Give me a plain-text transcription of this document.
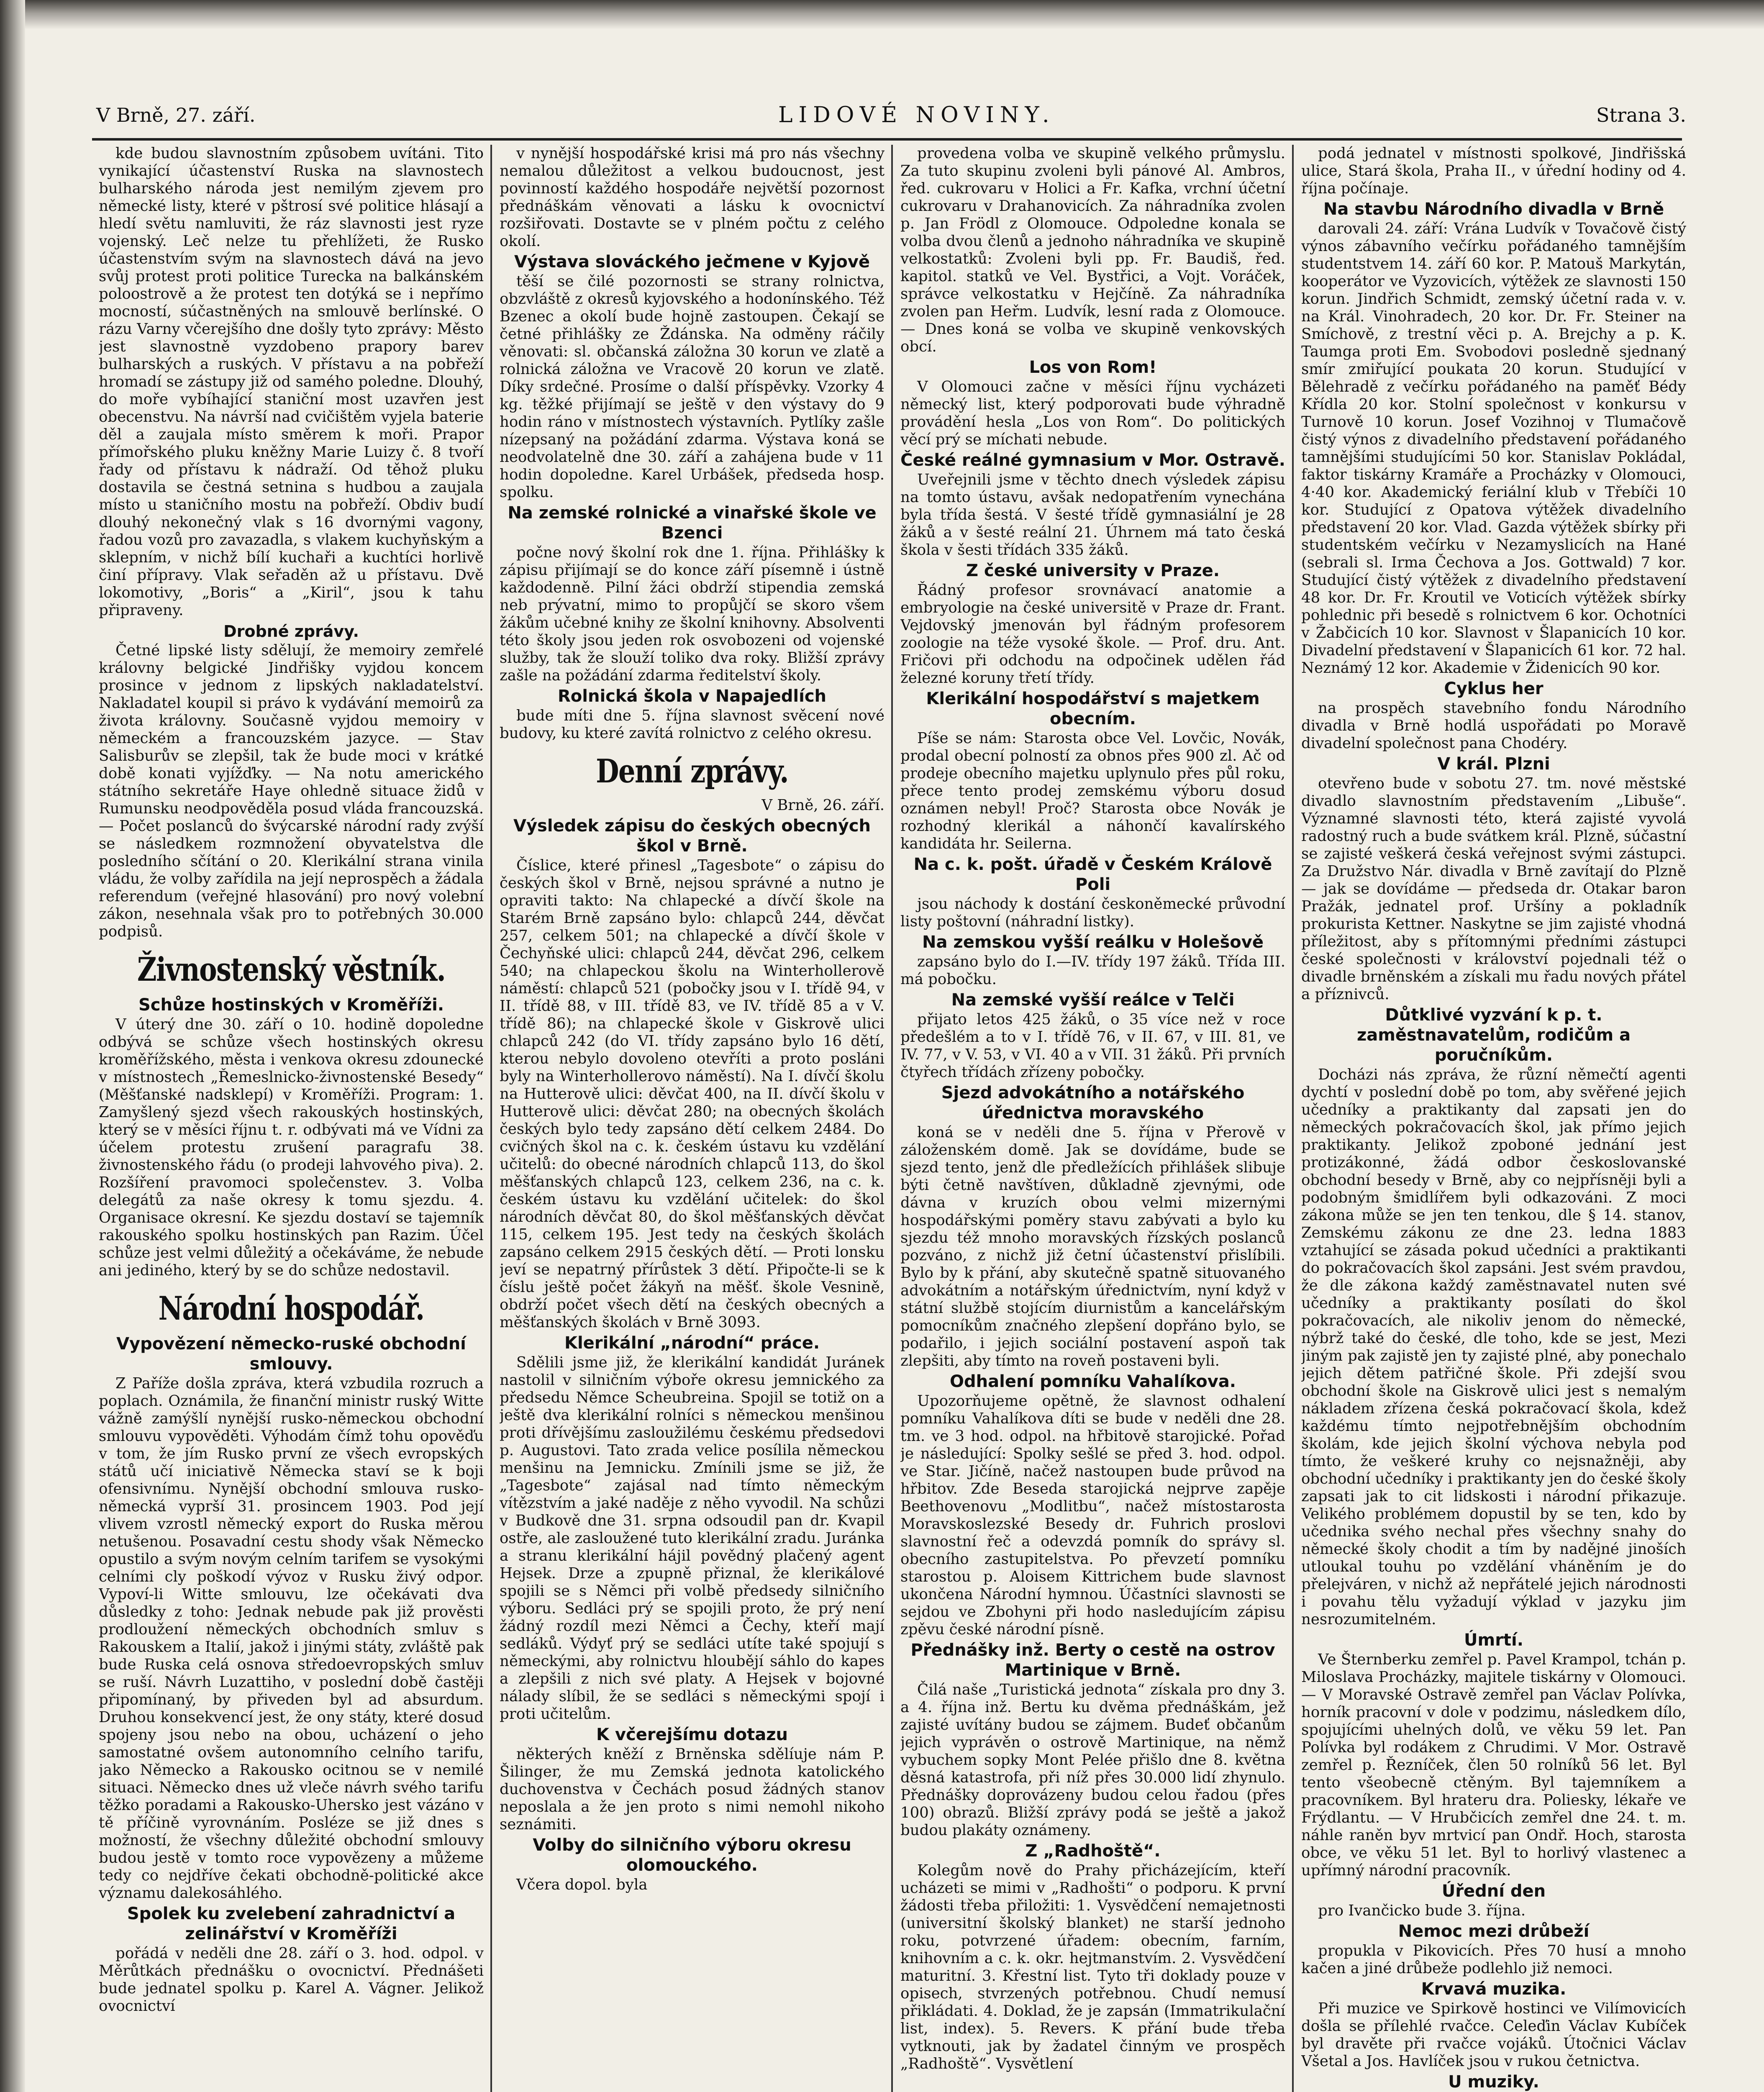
V Brně, 27. září.	LIDOVÉ NOVINY.	Strana 3.

kde budou slavnostním způsobem uvítáni. Tito vynikající účastenství Ruska na slavnostech bulharského národa jest nemilým zjevem pro německé listy, které v pštrosí své politice hlásají a hledí světu namluviti, že ráz slavnosti jest ryze vojenský. Leč nelze tu přehlížeti, že Rusko účastenstvím svým na slavnostech dává na jevo svůj protest proti politice Turecka na balkánském poloostrově a že protest ten dotýká se i nepřímo mocností, súčastněných na smlouvě berlínské. O rázu Varny včerejšího dne došly tyto zprávy: Město jest slavnostně vyzdobeno prapory barev bulharských a ruských. V přístavu a na pobřeží hromadí se zástupy již od samého poledne. Dlouhý, do moře vybíhající staniční most uzavřen jest obecenstvu. Na návrší nad cvičištěm vyjela baterie děl a zaujala místo směrem k moři. Prapor přímořského pluku kněžny Marie Luizy č. 8 tvoří řady od přístavu k nádraží. Od těhož pluku dostavila se čestná setnina s hudbou a zaujala místo u staničního mostu na pobřeží. Obdiv budí dlouhý nekonečný vlak s 16 dvornými vagony, řadou vozů pro zavazadla, s vlakem kuchyňským a sklepním, v nichž bílí kuchaři a kuchtíci horlivě činí přípravy. Vlak seřaděn až u přístavu. Dvě lokomotivy, „Boris“ a „Kiril“, jsou k tahu připraveny.

Drobné zprávy.

Četné lipské listy sdělují, že memoiry zemřelé královny belgické Jindřišky vyjdou koncem prosince v jednom z lipských nakladatelství. Nakladatel koupil si právo k vydávání memoirů za života královny. Současně vyjdou memoiry v německém a francouzském jazyce. — Stav Salisburův se zlepšil, tak že bude moci v krátké době konati vyjížďky. — Na notu amerického státního sekretáře Haye ohledně situace židů v Rumunsku neodpověděla posud vláda francouzská. — Počet poslanců do švýcarské národní rady zvýší se následkem rozmnožení obyvatelstva dle posledního sčítání o 20. Klerikální strana vinila vládu, že volby zařídila na její neprospěch a žádala referendum (veřejné hlasování) pro nový volební zákon, nesehnala však pro to potřebných 30.000 podpisů.

Živnostenský věstník.

Schůze hostinských v Kroměříži.

V úterý dne 30. září o 10. hodině dopoledne odbývá se schůze všech hostinských okresu kroměřížského, města i venkova okresu zdounecké v místnostech „Řemeslnicko-živnostenské Besedy“ (Měšťanské nadsklepí) v Kroměříži. Program: 1. Zamyšlený sjezd všech rakouských hostinských, který se v měsíci říjnu t. r. odbývati má ve Vídni za účelem protestu zrušení paragrafu 38. živnostenského řádu (o prodeji lahvového piva). 2. Rozšíření pravomoci společenstev. 3. Volba delegátů za naše okresy k tomu sjezdu. 4. Organisace okresní. Ke sjezdu dostaví se tajemník rakouského spolku hostinských pan Razim. Účel schůze jest velmi důležitý a očekáváme, že nebude ani jediného, který by se do schůze nedostavil.

Národní hospodář.

Vypovězení německo-ruské obchodní smlouvy.

Z Paříže došla zpráva, která vzbudila rozruch a poplach. Oznámila, že finanční ministr ruský Witte vážně zamýšlí nynější rusko-německou obchodní smlouvu vypověděti. Výhodám čímž tohu opověďu v tom, že jím Rusko první ze všech evropských států učí iniciativě Německa staví se k boji ofensivnímu. Nynější obchodní smlouva rusko-německá vyprší 31. prosincem 1903. Pod její vlivem vzrostl německý export do Ruska měrou netušenou. Posavadní cestu shody však Německo opustilo a svým novým celním tarifem se vysokými celními cly poškodí vývoz v Rusku živý odpor. Vypoví-li Witte smlouvu, lze očekávati dva důsledky z toho: Jednak nebude pak již prověsti prodloužení německých obchodních smluv s Rakouskem a Italií, jakož i jinými státy, zvláště pak bude Ruska celá osnova středoevropských smluv se ruší. Návrh Luzattiho, v poslední době častěji připomínaný, by přiveden byl ad absurdum. Druhou konsekvencí jest, že ony státy, které dosud spojeny jsou nebo na obou, ucházení o jeho samostatné ovšem autonomního celního tarifu, jako Německo a Rakousko ocitnou se v nemilé situaci. Německo dnes už vleče návrh svého tarifu těžko poradami a Rakousko-Uhersko jest vázáno v tě příčině vyrovnáním. Posléze se již dnes s možností, že všechny důležité obchodní smlouvy budou jestě v tomto roce vypovězeny a můžeme tedy co nejdříve čekati obchodně-politické akce významu dalekosáhlého.

Spolek ku zvelebení zahradnictví a zelinářství v Kroměříži

pořádá v neděli dne 28. září o 3. hod. odpol. v Měrůtkách přednášku o ovocnictví. Přednášeti bude jednatel spolku p. Karel A. Vágner. Jelikož ovocnictví

v nynější hospodářské krisi má pro nás všechny nemalou důležitost a velkou budoucnost, jest povinností každého hospodáře největší pozornost přednáškám věnovati a lásku k ovocnictví rozšiřovati. Dostavte se v plném počtu z celého okolí.

Výstava slováckého ječmene v Kyjově

těší se čilé pozornosti se strany rolnictva, obzvláště z okresů kyjovského a hodonínského. Též Bzenec a okolí bude hojně zastoupen. Čekají se četné přihlášky ze Ždánska. Na odměny ráčily věnovati: sl. občanská záložna 30 korun ve zlatě a rolnická záložna ve Vracově 20 korun ve zlatě. Díky srdečné. Prosíme o další příspěvky. Vzorky 4 kg. těžké přijímají se ještě v den výstavy do 9 hodin ráno v místnostech výstavních. Pytlíky zašle nízepsaný na požádání zdarma. Výstava koná se neodvolatelně dne 30. září a zahájena bude v 11 hodin dopoledne. Karel Urbášek, předseda hosp. spolku.

Na zemské rolnické a vinařské škole ve Bzenci

počne nový školní rok dne 1. října. Přihlášky k zápisu přijímají se do konce září písemně i ústně každodenně. Pilní žáci obdrží stipendia zemská neb prývatní, mimo to propůjčí se skoro všem žákům učebné knihy ze školní knihovny. Absolventi této školy jsou jeden rok osvobozeni od vojenské služby, tak že slouží toliko dva roky. Bližší zprávy zašle na požádání zdarma ředitelství školy.

Rolnická škola v Napajedlích

bude míti dne 5. října slavnost svěcení nové budovy, ku které zavítá rolnictvo z celého okresu.

Denní zprávy.

V Brně, 26. září.

Výsledek zápisu do českých obecných škol v Brně.

Číslice, které přinesl „Tagesbote“ o zápisu do českých škol v Brně, nejsou správné a nutno je opraviti takto: Na chlapecké a dívčí škole na Starém Brně zapsáno bylo: chlapců 244, děvčat 257, celkem 501; na chlapecké a dívčí škole v Čechyňské ulici: chlapců 244, děvčat 296, celkem 540; na chlapeckou školu na Winterhollerově náměstí: chlapců 521 (pobočky jsou v I. třídě 94, v II. třídě 88, v III. třídě 83, ve IV. třídě 85 a v V. třídě 86); na chlapecké škole v Giskrově ulici chlapců 242 (do VI. třídy zapsáno bylo 16 dětí, kterou nebylo dovoleno otevříti a proto posláni byly na Winterhollerovo náměstí). Na I. dívčí školu na Hutterově ulici: děvčat 400, na II. dívčí školu v Hutterově ulici: děvčat 280; na obecných školách českých bylo tedy zapsáno dětí celkem 2484. Do cvičných škol na c. k. českém ústavu ku vzdělání učitelů: do obecné národních chlapců 113, do škol měšťanských chlapců 123, celkem 236, na c. k. českém ústavu ku vzdělání učitelek: do škol národních děvčat 80, do škol měšťanských děvčat 115, celkem 195. Jest tedy na českých školách zapsáno celkem 2915 českých dětí. — Proti lonsku jeví se nepatrný přírůstek 3 dětí. Připočte-li se k číslu ještě počet žákyň na měšť. škole Vesnině, obdrží počet všech dětí na českých obecných a měšťanských školách v Brně 3093.

Klerikální „národní“ práce.

Sdělili jsme již, že klerikální kandidát Juránek nastolil v silničním výboře okresu jemnického za předsedu Němce Scheubreina. Spojil se totiž on a ještě dva klerikální rolníci s německou menšinou proti dřívějšímu zasloužilému českému předsedovi p. Augustovi. Tato zrada velice posílila německou menšinu na Jemnicku. Zmínili jsme se již, že „Tagesbote“ zajásal nad tímto německým vítězstvím a jaké naděje z něho vyvodil. Na schůzi v Budkově dne 31. srpna odsoudil pan dr. Kvapil ostře, ale zasloužené tuto klerikální zradu. Juránka a stranu klerikální hájil povědný plačený agent Hejsek. Drze a zpupně přiznal, že klerikálové spojili se s Němci při volbě předsedy silničního výboru. Sedláci prý se spojili proto, že prý není žádný rozdíl mezi Němci a Čechy, kteří mají sedláků. Výdyť prý se sedláci utíte také spojují s německými, aby rolnictvu hloubějí sáhlo do kapes a zlepšili z nich své platy. A Hejsek v bojovné nálady slíbil, že se sedláci s německými spojí i proti učitelům.

K včerejšímu dotazu

některých kněží z Brněnska sdělíuje nám P. Šilinger, že mu Zemská jednota katolického duchovenstva v Čechách posud žádných stanov neposlala a že jen proto s nimi nemohl nikoho seznámiti.

Volby do silničního výboru okresu olomouckého.

Včera dopol. byla

provedena volba ve skupině velkého průmyslu. Za tuto skupinu zvoleni byli pánové Al. Ambros, řed. cukrovaru v Holici a Fr. Kafka, vrchní účetní cukrovaru v Drahanovicích. Za náhradníka zvolen p. Jan Frödl z Olomouce. Odpoledne konala se volba dvou členů a jednoho náhradníka ve skupině velkostatků: Zvoleni byli pp. Fr. Baudiš, řed. kapitol. statků ve Vel. Bystřici, a Vojt. Voráček, správce velkostatku v Hejčíně. Za náhradníka zvolen pan Heřm. Ludvík, lesní rada z Olomouce. — Dnes koná se volba ve skupině venkovských obcí.

Los von Rom!

V Olomouci začne v měsíci říjnu vycházeti německý list, který podporovati bude výhradně provádění hesla „Los von Rom“. Do politických věcí prý se míchati nebude.

České reálné gymnasium v Mor. Ostravě.

Uveřejnili jsme v těchto dnech výsledek zápisu na tomto ústavu, avšak nedopatřením vynechána byla třída šestá. V šesté třídě gymnasiální je 28 žáků a v šesté reální 21. Úhrnem má tato česká škola v šesti třídách 335 žáků.

Z české university v Praze.

Řádný profesor srovnávací anatomie a embryologie na české universitě v Praze dr. Frant. Vejdovský jmenován byl řádným profesorem zoologie na téže vysoké škole. — Prof. dru. Ant. Fričovi při odchodu na odpočinek udělen řád železné koruny třetí třídy.

Klerikální hospodářství s majetkem obecním.

Píše se nám: Starosta obce Vel. Lovčic, Novák, prodal obecní polností za obnos přes 900 zl. Ač od prodeje obecního majetku uplynulo přes půl roku, přece tento prodej zemskému výboru dosud oznámen nebyl! Proč? Starosta obce Novák je rozhodný klerikál a náhončí kavalírského kandidáta hr. Seilerna.

Na c. k. pošt. úřadě v Českém Králově Poli

jsou náchody k dostání českoněmecké průvodní listy poštovní (náhradní listky).

Na zemskou vyšší reálku v Holešově

zapsáno bylo do I.—IV. třídy 197 žáků. Třída III. má pobočku.

Na zemské vyšší reálce v Telči

přijato letos 425 žáků, o 35 více než v roce předešlém a to v I. třídě 76, v II. 67, v III. 81, ve IV. 77, v V. 53, v VI. 40 a v VII. 31 žáků. Při prvních čtyřech třídách zřízeny pobočky.

Sjezd advokátního a notářského úřednictva moravského

koná se v neděli dne 5. října v Přerově v záloženském domě. Jak se dovídáme, bude se sjezd tento, jenž dle předležících přihlášek slibuje býti četně navštíven, důkladně zjevnými, ode dávna v kruzích obou velmi mizernými hospodářskými poměry stavu zabývati a bylo ku sjezdu též mnoho moravských řízských poslanců pozváno, z nichž již četní účastenství přislíbili. Bylo by k přání, aby skutečně spatně situovaného advokátním a notářským úřednictvím, nyní když v státní službě stojícím diurnistům a kancelářským pomocníkům značného zlepšení dopřáno bylo, se podařilo, i jejich sociální postavení aspoň tak zlepšiti, aby tímto na roveň postaveni byli.

Odhalení pomníku Vahalíkova.

Upozorňujeme opětně, že slavnost odhalení pomníku Vahalíkova díti se bude v neděli dne 28. tm. ve 3 hod. odpol. na hřbitově starojické. Pořad je následující: Spolky sešlé se před 3. hod. odpol. ve Star. Jičíně, načež nastoupen bude průvod na hřbitov. Zde Beseda starojická nejprve zapěje Beethovenovu „Modlitbu“, načež místostarosta Moravskoslezské Besedy dr. Fuhrich proslovi slavnostní řeč a odevzdá pomník do správy sl. obecního zastupitelstva. Po převzetí pomníku starostou p. Aloisem Kittrichem bude slavnost ukončena Národní hymnou. Účastníci slavnosti se sejdou ve Zbohyni při hodo nasledujícím zápisu zpěvu české národní písně.

Přednášky inž. Berty o cestě na ostrov Martinique v Brně.

Čilá naše „Turistická jednota“ získala pro dny 3. a 4. října inž. Bertu ku dvěma přednáškám, jež zajisté uvítány budou se zájmem. Budeť občanům jejich vyprávěn o ostrově Martinique, na němž vybuchem sopky Mont Pelée přišlo dne 8. května děsná katastrofa, při níž přes 30.000 lidí zhynulo. Přednášky doprovázeny budou celou řadou (přes 100) obrazů. Bližší zprávy podá se ještě a jakož budou plakáty oznámeny.

Z „Radhoště“.

Kolegům nově do Prahy přicházejícím, kteří ucházeti se mimi v „Radhošti“ o podporu. K první žádosti třeba přiložiti: 1. Vysvědčení nemajetnosti (universitní školský blanket) ne starší jednoho roku, potvrzené úřadem: obecním, farním, knihovním a c. k. okr. hejtmanstvím. 2. Vysvědčení maturitní. 3. Křestní list. Tyto tři doklady pouze v opisech, stvrzených potřebnou. Chudí nemusí přikládati. 4. Doklad, že je zapsán (Immatrikulační list, index). 5. Revers. K přání bude třeba vytknouti, jak by žadatel činným ve prospěch „Radhoště“. Vysvětlení

podá jednatel v místnosti spolkové, Jindřišská ulice, Stará škola, Praha II., v úřední hodiny od 4. října počínaje.

Na stavbu Národního divadla v Brně

darovali 24. září: Vrána Ludvík v Tovačově čistý výnos zábavního večírku pořádaného tamnějším studentstvem 14. září 60 kor. P. Matouš Markytán, kooperátor ve Vyzovicích, výtěžek ze slavnosti 150 korun. Jindřich Schmidt, zemský účetní rada v. v. na Král. Vinohradech, 20 kor. Dr. Fr. Steiner na Smíchově, z trestní věci p. A. Brejchy a p. K. Taumga proti Em. Svobodovi posledně sjednaný smír zmiřující poukata 20 korun. Studující v Bělehradě z večírku pořádaného na paměť Bédy Křídla 20 kor. Stolní společnost v konkursu v Turnově 10 korun. Josef Vozihnoj v Tlumačově čistý výnos z divadelního představení pořádaného tamnějšími studujícími 50 kor. Stanislav Pokládal, faktor tiskárny Kramáře a Procházky v Olomouci, 4·40 kor. Akademický feriální klub v Třebíči 10 kor. Studující z Opatova výtěžek divadelního představení 20 kor. Vlad. Gazda výtěžek sbírky při studentském večírku v Nezamyslicích na Hané (sebrali sl. Irma Čechova a Jos. Gottwald) 7 kor. Studující čistý výtěžek z divadelního představení 48 kor. Dr. Fr. Kroutil ve Voticích výtěžek sbírky pohlednic při besedě s rolnictvem 6 kor. Ochotníci v Žabčicích 10 kor. Slavnost v Šlapanicích 10 kor. Divadelní představení v Šlapanicích 61 kor. 72 hal. Neznámý 12 kor. Akademie v Židenicích 90 kor.

Cyklus her

na prospěch stavebního fondu Národního divadla v Brně hodlá uspořádati po Moravě divadelní společnost pana Chodéry.

V král. Plzni

otevřeno bude v sobotu 27. tm. nové městské divadlo slavnostním představením „Libuše“. Významné slavnosti této, která zajisté vyvolá radostný ruch a bude svátkem král. Plzně, súčastní se zajisté veškerá česká veřejnost svými zástupci. Za Družstvo Nár. divadla v Brně zavítají do Plzně — jak se dovídáme — předseda dr. Otakar baron Pražák, jednatel prof. Uršíny a pokladník prokurista Kettner. Naskytne se jim zajisté vhodná příležitost, aby s přítomnými předními zástupci české společnosti v království pojednali též o divadle brněnském a získali mu řadu nových přátel a příznivců.

Důtklivé vyzvání k p. t. zaměstnavatelům, rodičům a poručníkům.

Docházi nás zpráva, že různí němečtí agenti dychtí v poslední době po tom, aby svěřené jejich učedníky a praktikanty dal zapsati jen do německých pokračovacích škol, jak přímo jejich praktikanty. Jelikož zpoboné jednání jest protizákonné, žádá odbor českoslovanské obchodní besedy v Brně, aby co nejpřísněji byli a podobným šmidlířem byli odkazováni. Z moci zákona může se jen ten tenkou, dle § 14. stanov, Zemskému zákonu ze dne 23. ledna 1883 vztahující se zásada pokud učedníci a praktikanti do pokračovacích škol zapsáni. Jest svém pravdou, že dle zákona každý zaměstnavatel nuten své učedníky a praktikanty posílati do škol pokračovacích, ale nikoliv jenom do německé, nýbrž také do české, dle toho, kde se jest, Mezi jiným pak zajistě jen ty zajisté plné, aby ponechalo jejich dětem patřičné škole. Při zdejší svou obchodní škole na Giskrově ulici jest s nemalým nákladem zřízena česká pokračovací škola, kdež každému tímto nejpotřebnějším obchodním školám, kde jejich školní výchova nebyla pod tímto, že veškeré kruhy co nejsnažněji, aby obchodní učedníky i praktikanty jen do české školy zapsati jak to cit lidskosti i národní přikazuje. Velikého problémem dopustil by se ten, kdo by učednika svého nechal přes všechny snahy do německé školy chodit a tím by nadějné jinoších utloukal touhu po vzdělání vháněním je do přelejváren, v nichž až nepřátelé jejich národnosti i povahu tělu vyžadují výklad v jazyku jim nesrozumitelném.

Úmrtí.

Ve Šternberku zemřel p. Pavel Krampol, tchán p. Miloslava Procházky, majitele tiskárny v Olomouci. — V Moravské Ostravě zemřel pan Václav Polívka, horník pracovní v dole v podzimu, následkem dílo, spojujícími uhelných dolů, ve věku 59 let. Pan Polívka byl rodákem z Chrudimi. V Mor. Ostravě zemřel p. Řezníček, člen 50 rolníků 56 let. Byl tento všeobecně ctěným. Byl tajemníkem a pracovníkem. Byl hrateru dra. Poliesky, lékaře ve Frýdlantu. — V Hrubčicích zemřel dne 24. t. m. náhle raněn byv mrtvicí pan Ondř. Hoch, starosta obce, ve věku 51 let. Byl to horlivý vlastenec a upřímný národní pracovník.

Úřední den

pro Ivančicko bude 3. října.

Nemoc mezi drůbeží

propukla v Pikovicích. Přes 70 husí a mnoho kačen a jiné drůbeže podlehlo již nemoci.

Krvavá muzika.

Při muzice ve Spirkově hostinci ve Vilímovicích došla se přílehlé rvačce. Celeďin Václav Kubíček byl dravěte při rvačce vojáků. Útočnici Václav Všetal a Jos. Havlíček jsou v rukou četnictva.

U muziky.
